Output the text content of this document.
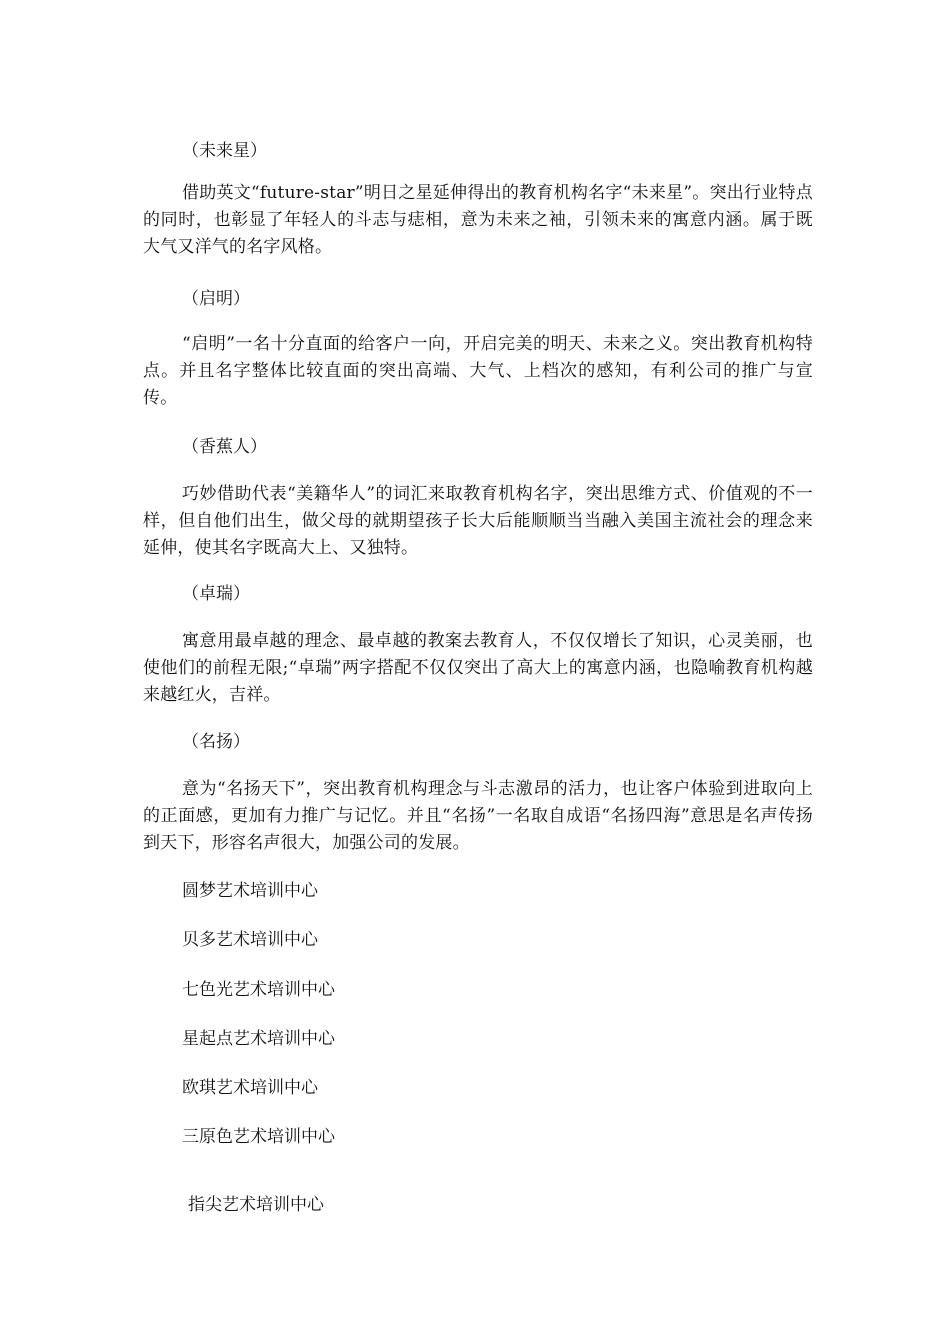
（未来星）
借助英文“future-star”明日之星延伸得出的教育机构名字“未来星”。突出行业特点的同时，也彰显了年轻人的斗志与痣相，意为未来之袖，引领未来的寓意内涵。属于既大气又洋气的名字风格。
（启明）
“启明”一名十分直面的给客户一向，开启完美的明天、未来之义。突出教育机构特点。并且名字整体比较直面的突出高端、大气、上档次的感知，有利公司的推广与宣传。
（香蕉人）
巧妙借助代表“美籍华人”的词汇来取教育机构名字，突出思维方式、价值观的不一样，但自他们出生，做父母的就期望孩子长大后能顺顺当当融入美国主流社会的理念来延伸，使其名字既高大上、又独特。
（卓瑞）
寓意用最卓越的理念、最卓越的教案去教育人，不仅仅增长了知识，心灵美丽，也使他们的前程无限;“卓瑞”两字搭配不仅仅突出了高大上的寓意内涵，也隐喻教育机构越来越红火，吉祥。
（名扬）
意为“名扬天下”，突出教育机构理念与斗志激昂的活力，也让客户体验到进取向上的正面感，更加有力推广与记忆。并且“名扬”一名取自成语“名扬四海”意思是名声传扬到天下，形容名声很大，加强公司的发展。
圆梦艺术培训中心
贝多艺术培训中心
七色光艺术培训中心
星起点艺术培训中心
欧琪艺术培训中心
三原色艺术培训中心
指尖艺术培训中心
